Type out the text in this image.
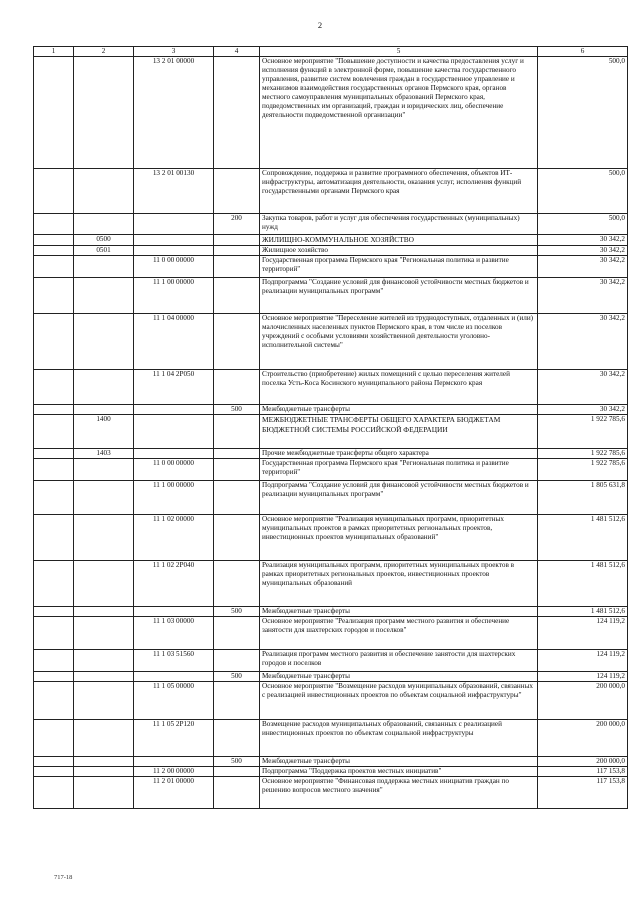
2
1	2	3	4	5	6
		13 2 01 00000		Основное мероприятие "Повышение доступности и качества предоставления услуг и исполнения функций в электронной форме, повышение качества государственного управления, развитие систем вовлечения граждан в государственное управление и механизмов взаимодействия государственных органов Пермского края, органов местного самоуправления муниципальных образований Пермского края, подведомственных им организаций, граждан и юридических лиц, обеспечение деятельности подведомственной организации"	500,0
		13 2 01 00130		Сопровождение, поддержка и развитие программного обеспечения, объектов ИТ-инфраструктуры, автоматизация деятельности, оказания услуг, исполнения функций государственными органами Пермского края	500,0
			200	Закупка товаров, работ и услуг для обеспечения государственных (муниципальных) нужд	500,0
	0500			ЖИЛИЩНО-КОММУНАЛЬНОЕ ХОЗЯЙСТВО	30 342,2
	0501			Жилищное хозяйство	30 342,2
		11 0 00 00000		Государственная программа Пермского края "Региональная политика и развитие территорий"	30 342,2
		11 1 00 00000		Подпрограмма "Создание условий для финансовой устойчивости местных бюджетов и реализации муниципальных программ"	30 342,2
		11 1 04 00000		Основное мероприятие "Переселение жителей из труднодоступных, отдаленных и (или) малочисленных населенных пунктов Пермского края, в том числе из поселков учреждений с особыми условиями хозяйственной деятельности уголовно-исполнительной системы"	30 342,2
		11 1 04 2P050		Строительство (приобретение) жилых помещений с целью переселения жителей поселка Усть-Коса Косинского муниципального района Пермского края	30 342,2
			500	Межбюджетные трансферты	30 342,2
	1400			МЕЖБЮДЖЕТНЫЕ ТРАНСФЕРТЫ ОБЩЕГО ХАРАКТЕРА БЮДЖЕТАМ БЮДЖЕТНОЙ СИСТЕМЫ РОССИЙСКОЙ ФЕДЕРАЦИИ	1 922 785,6
	1403			Прочие межбюджетные трансферты общего характера	1 922 785,6
		11 0 00 00000		Государственная программа Пермского края "Региональная политика и развитие территорий"	1 922 785,6
		11 1 00 00000		Подпрограмма "Создание условий для финансовой устойчивости местных бюджетов и реализации муниципальных программ"	1 805 631,8
		11 1 02 00000		Основное мероприятие "Реализация муниципальных программ, приоритетных муниципальных проектов в рамках приоритетных региональных проектов, инвестиционных проектов муниципальных образований"	1 481 512,6
		11 1 02 2P040		Реализация муниципальных программ, приоритетных муниципальных проектов в рамках приоритетных региональных проектов, инвестиционных проектов муниципальных образований	1 481 512,6
			500	Межбюджетные трансферты	1 481 512,6
		11 1 03 00000		Основное мероприятие "Реализация программ местного развития и обеспечение занятости для шахтерских городов и поселков"	124 119,2
		11 1 03 51560		Реализация программ местного развития и обеспечение занятости для шахтерских городов и поселков	124 119,2
			500	Межбюджетные трансферты	124 119,2
		11 1 05 00000		Основное мероприятие "Возмещение расходов муниципальных образований, связанных с реализацией инвестиционных проектов по объектам социальной инфраструктуры"	200 000,0
		11 1 05 2P120		Возмещение расходов муниципальных образований, связанных с реализацией инвестиционных проектов по объектам социальной инфраструктуры	200 000,0
			500	Межбюджетные трансферты	200 000,0
		11 2 00 00000		Подпрограмма "Поддержка проектов местных инициатив"	117 153,8
		11 2 01 00000		Основное мероприятие "Финансовая поддержка местных инициатив граждан по решению вопросов местного значения"	117 153,8
717-18
